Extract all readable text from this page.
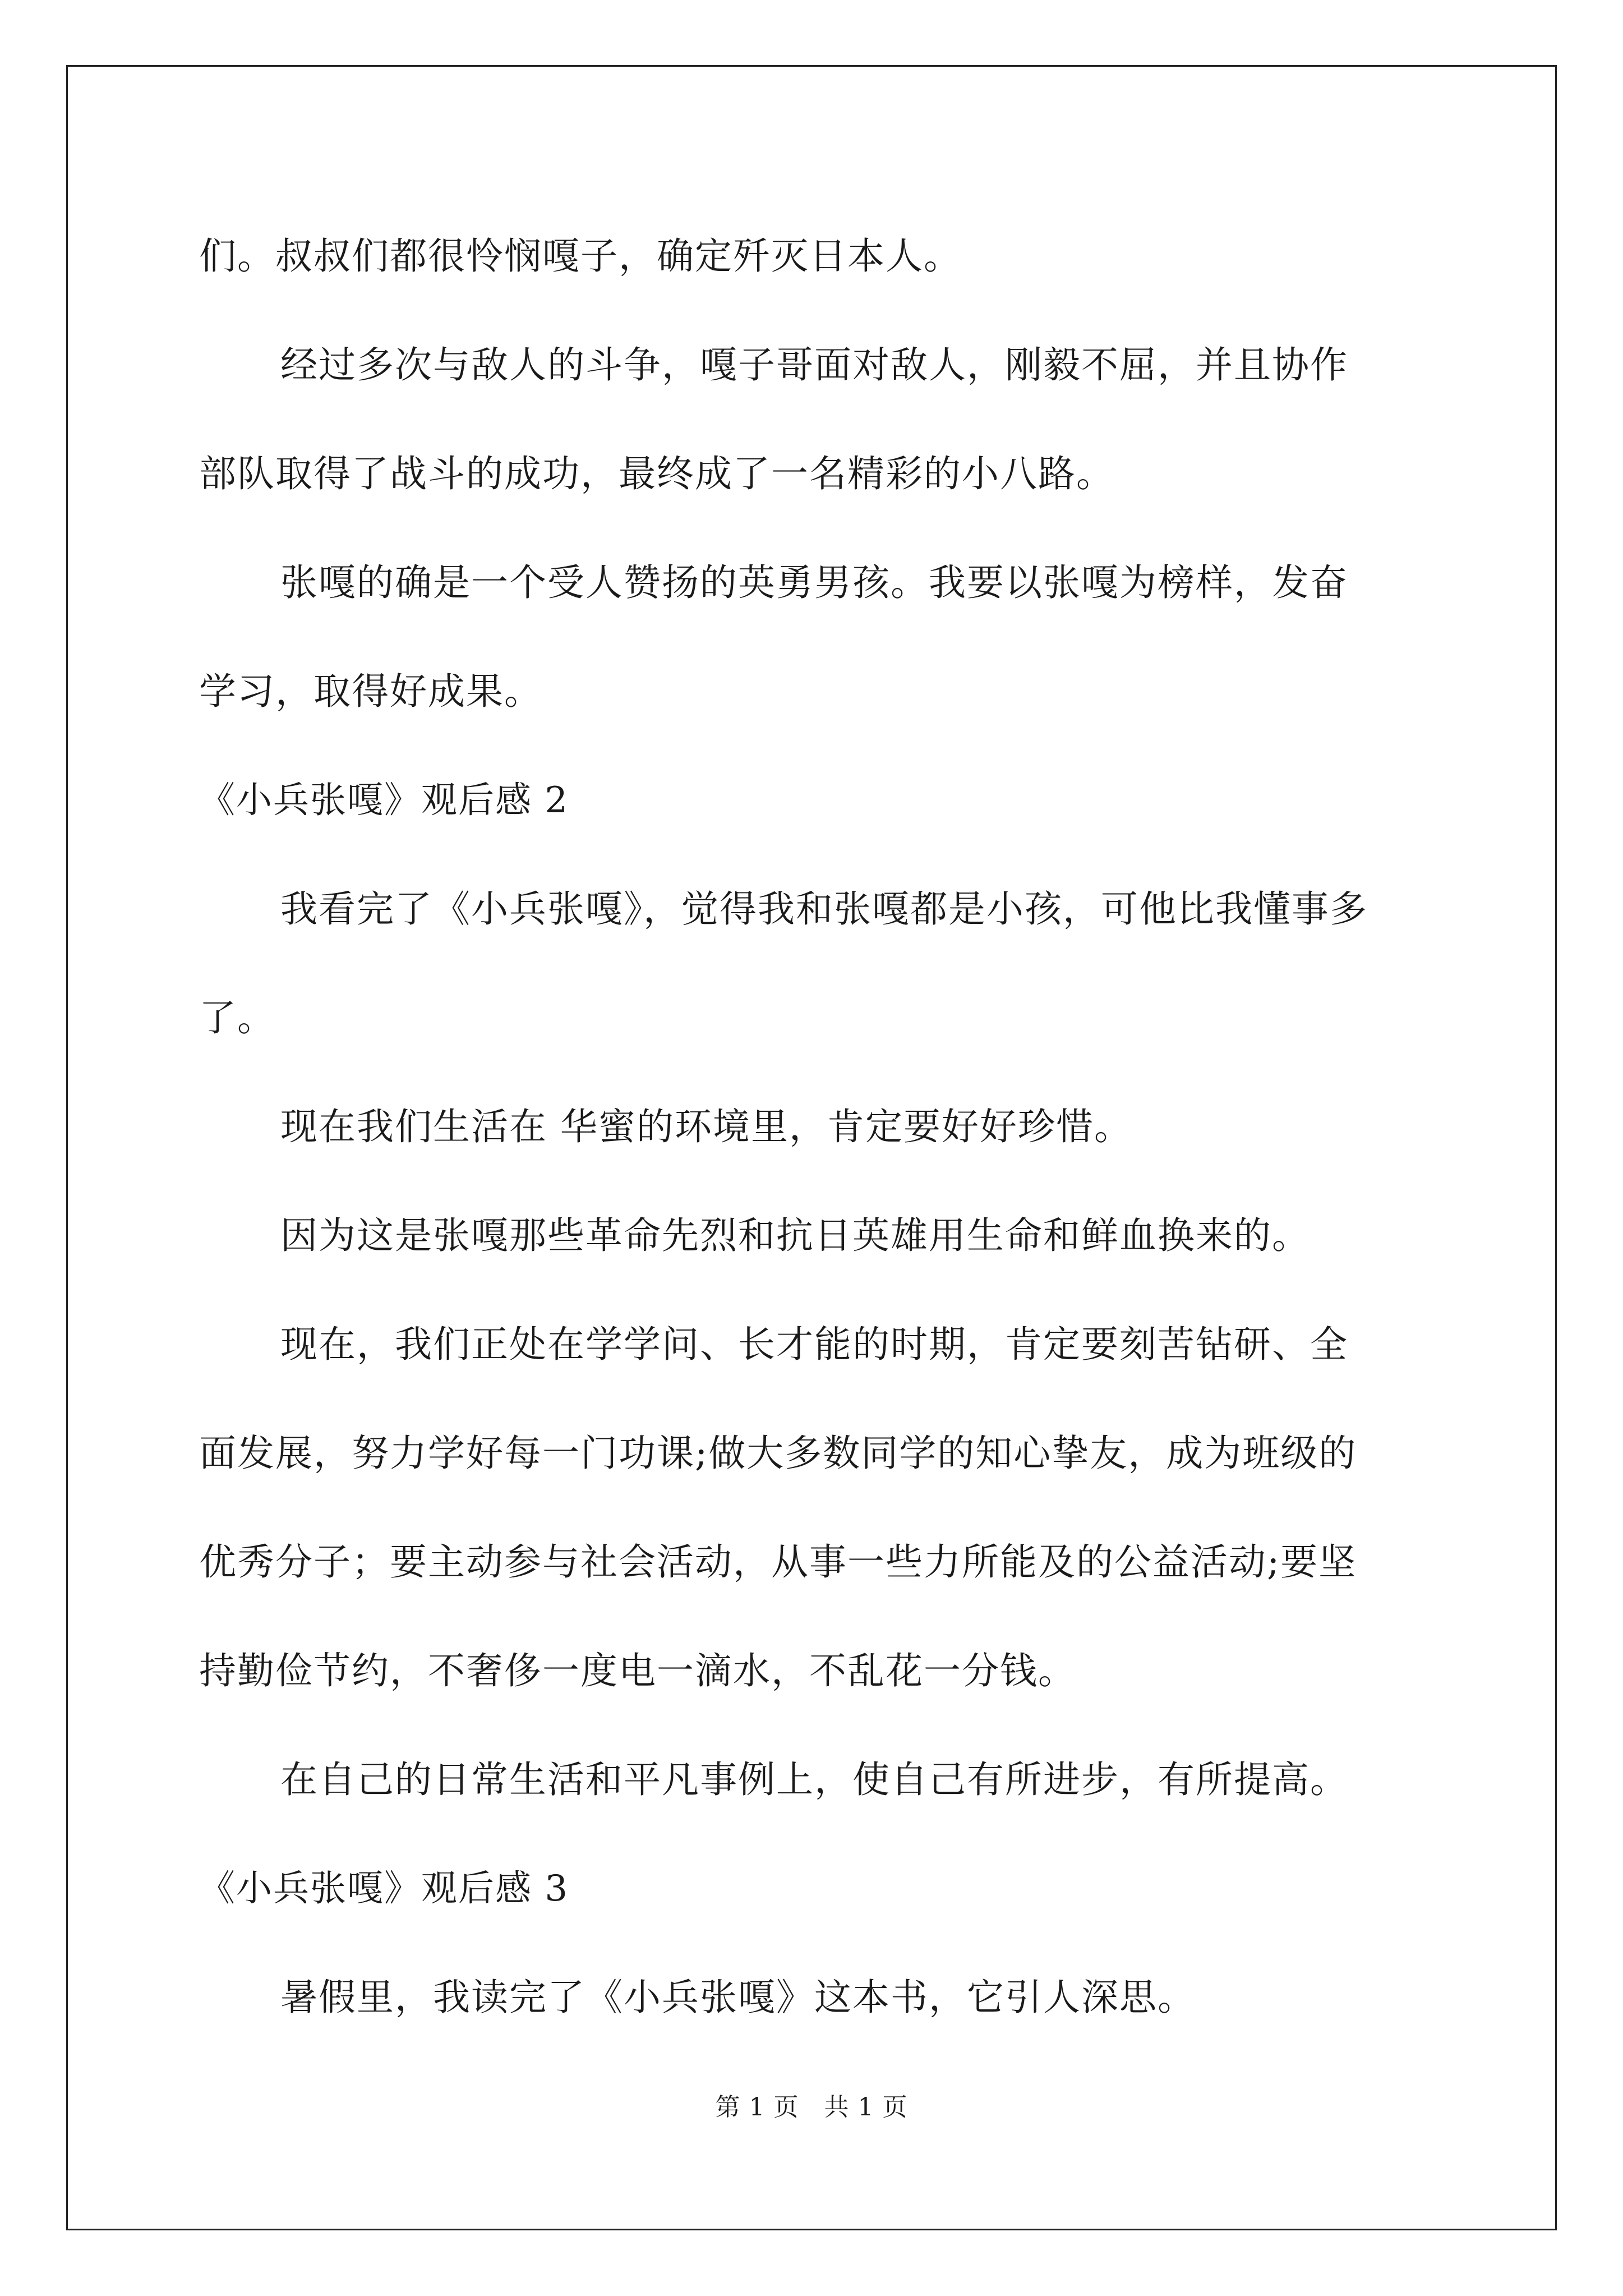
们。叔叔们都很怜悯嘎子，确定歼灭日本人。

经过多次与敌人的斗争，嘎子哥面对敌人，刚毅不屈，并且协作

部队取得了战斗的成功，最终成了一名精彩的小八路。

张嘎的确是一个受人赞扬的英勇男孩。我要以张嘎为榜样，发奋

学习，取得好成果。

《小兵张嘎》观后感 2

我看完了《小兵张嘎》，觉得我和张嘎都是小孩，可他比我懂事多

了。

现在我们生活在 华蜜的环境里，肯定要好好珍惜。

因为这是张嘎那些革命先烈和抗日英雄用生命和鲜血换来的。

现在，我们正处在学学问、长才能的时期，肯定要刻苦钻研、全

面发展，努力学好每一门功课;做大多数同学的知心挚友，成为班级的

优秀分子；要主动参与社会活动，从事一些力所能及的公益活动;要坚

持勤俭节约，不奢侈一度电一滴水，不乱花一分钱。

在自己的日常生活和平凡事例上，使自己有所进步，有所提高。

《小兵张嘎》观后感 3

暑假里，我读完了《小兵张嘎》这本书，它引人深思。

第 1 页　共 1 页
